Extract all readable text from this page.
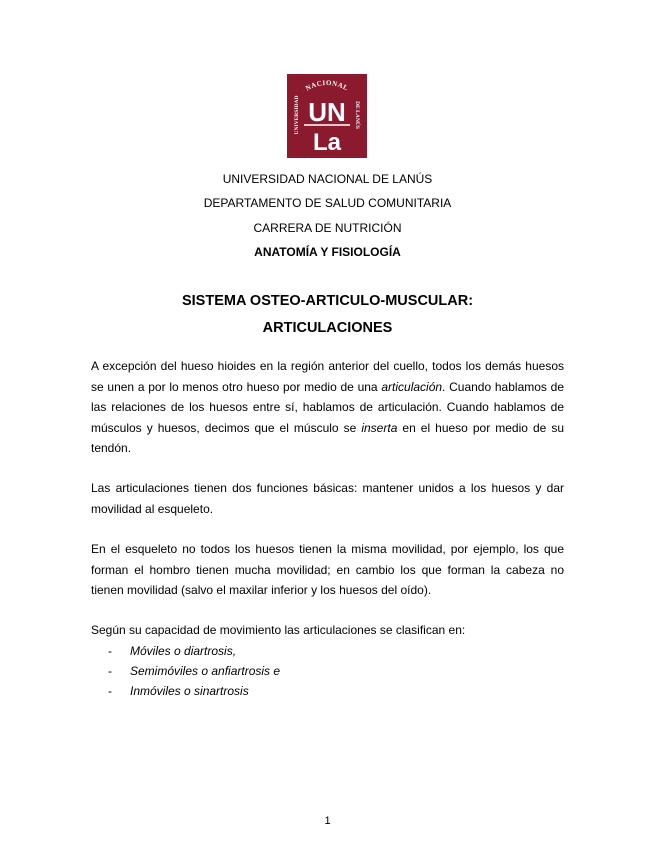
NACIONAL
UNIVERSIDAD
DE LANÚS
UN
La
UNIVERSIDAD NACIONAL DE LANÚS
DEPARTAMENTO DE SALUD COMUNITARIA
CARRERA DE NUTRICIÓN
ANATOMÍA Y FISIOLOGÍA
SISTEMA OSTEO-ARTICULO-MUSCULAR:
ARTICULACIONES

A excepción del hueso hioides en la región anterior del cuello, todos los demás huesos se unen a por lo menos otro hueso por medio de una articulación. Cuando hablamos de las relaciones de los huesos entre sí, hablamos de articulación. Cuando hablamos de músculos y huesos, decimos que el músculo se inserta en el hueso por medio de su tendón.

Las articulaciones tienen dos funciones básicas: mantener unidos a los huesos y dar movilidad al esqueleto.

En el esqueleto no todos los huesos tienen la misma movilidad, por ejemplo, los que forman el hombro tienen mucha movilidad; en cambio los que forman la cabeza no tienen movilidad (salvo el maxilar inferior y los huesos del oído).

Según su capacidad de movimiento las articulaciones se clasifican en:

- Móviles o diartrosis,
- Semimóviles o anfiartrosis e
- Inmóviles o sinartrosis
1
